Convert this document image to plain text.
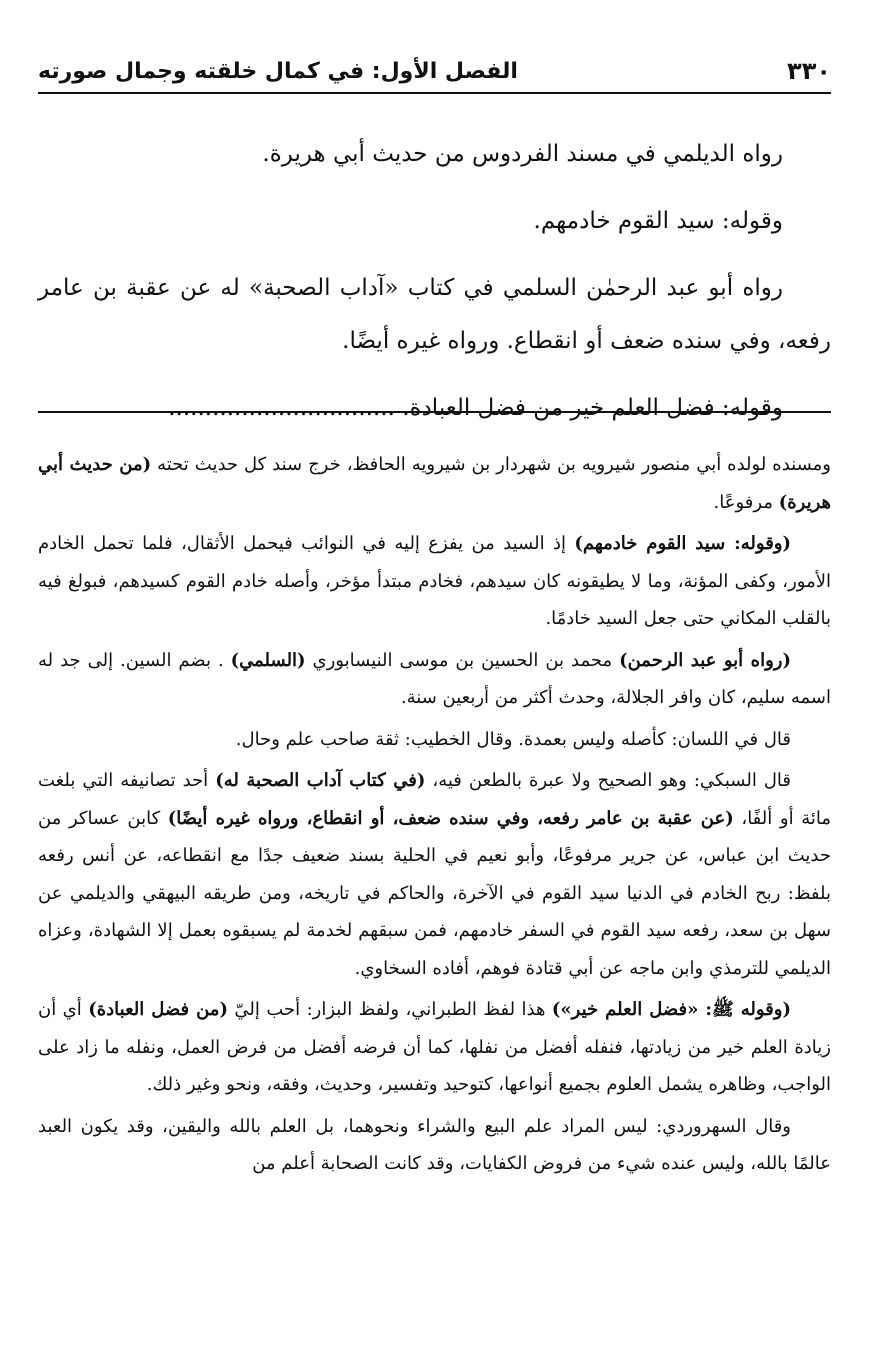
٣٣٠
الفصل الأول: في كمال خلقته وجمال صورته

رواه الديلمي في مسند الفردوس من حديث أبي هريرة.

وقوله: سيد القوم خادمهم.

رواه أبو عبد الرحمٰن السلمي في كتاب «آداب الصحبة» له عن عقبة بن عامر رفعه، وفي سنده ضعف أو انقطاع. ورواه غيره أيضًا.

وقوله: فضل العلم خير من فضل العبادة. ...............................

ومسنده لولده أبي منصور شيرويه بن شهردار بن شيرويه الحافظ، خرج سند كل حديث تحته (من حديث أبي هريرة) مرفوعًا.

(وقوله: سيد القوم خادمهم) إذ السيد من يفزع إليه في النوائب فيحمل الأثقال، فلما تحمل الخادم الأمور، وكفى المؤنة، وما لا يطيقونه كان سيدهم، فخادم مبتدأ مؤخر، وأصله خادم القوم كسيدهم، فبولغ فيه بالقلب المكاني حتى جعل السيد خادمًا.

(رواه أبو عبد الرحمن) محمد بن الحسين بن موسى النيسابوري (السلمي) . بضم السين. إلى جد له اسمه سليم، كان وافر الجلالة، وحدث أكثر من أربعين سنة.

قال في اللسان: كأصله وليس بعمدة. وقال الخطيب: ثقة صاحب علم وحال.

قال السبكي: وهو الصحيح ولا عبرة بالطعن فيه، (في كتاب آداب الصحبة له) أحد تصانيفه التي بلغت مائة أو ألفًا، (عن عقبة بن عامر رفعه، وفي سنده ضعف، أو انقطاع، ورواه غيره أيضًا) كابن عساكر من حديث ابن عباس، عن جرير مرفوعًا، وأبو نعيم في الحلية بسند ضعيف جدًا مع انقطاعه، عن أنس رفعه بلفظ: ربح الخادم في الدنيا سيد القوم في الآخرة، والحاكم في تاريخه، ومن طريقه البيهقي والديلمي عن سهل بن سعد، رفعه سيد القوم في السفر خادمهم، فمن سبقهم لخدمة لم يسبقوه بعمل إلا الشهادة، وعزاه الديلمي للترمذي وابن ماجه عن أبي قتادة فوهم، أفاده السخاوي.

(وقوله ﷺ: «فضل العلم خير») هذا لفظ الطبراني، ولفظ البزار: أحب إليّ (من فضل العبادة) أي أن زيادة العلم خير من زيادتها، فنفله أفضل من نفلها، كما أن فرضه أفضل من فرض العمل، ونفله ما زاد على الواجب، وظاهره يشمل العلوم بجميع أنواعها، كتوحيد وتفسير، وحديث، وفقه، ونحو وغير ذلك.

وقال السهروردي: ليس المراد علم البيع والشراء ونحوهما، بل العلم بالله واليقين، وقد يكون العبد عالمًا بالله، وليس عنده شيء من فروض الكفايات، وقد كانت الصحابة أعلم من
